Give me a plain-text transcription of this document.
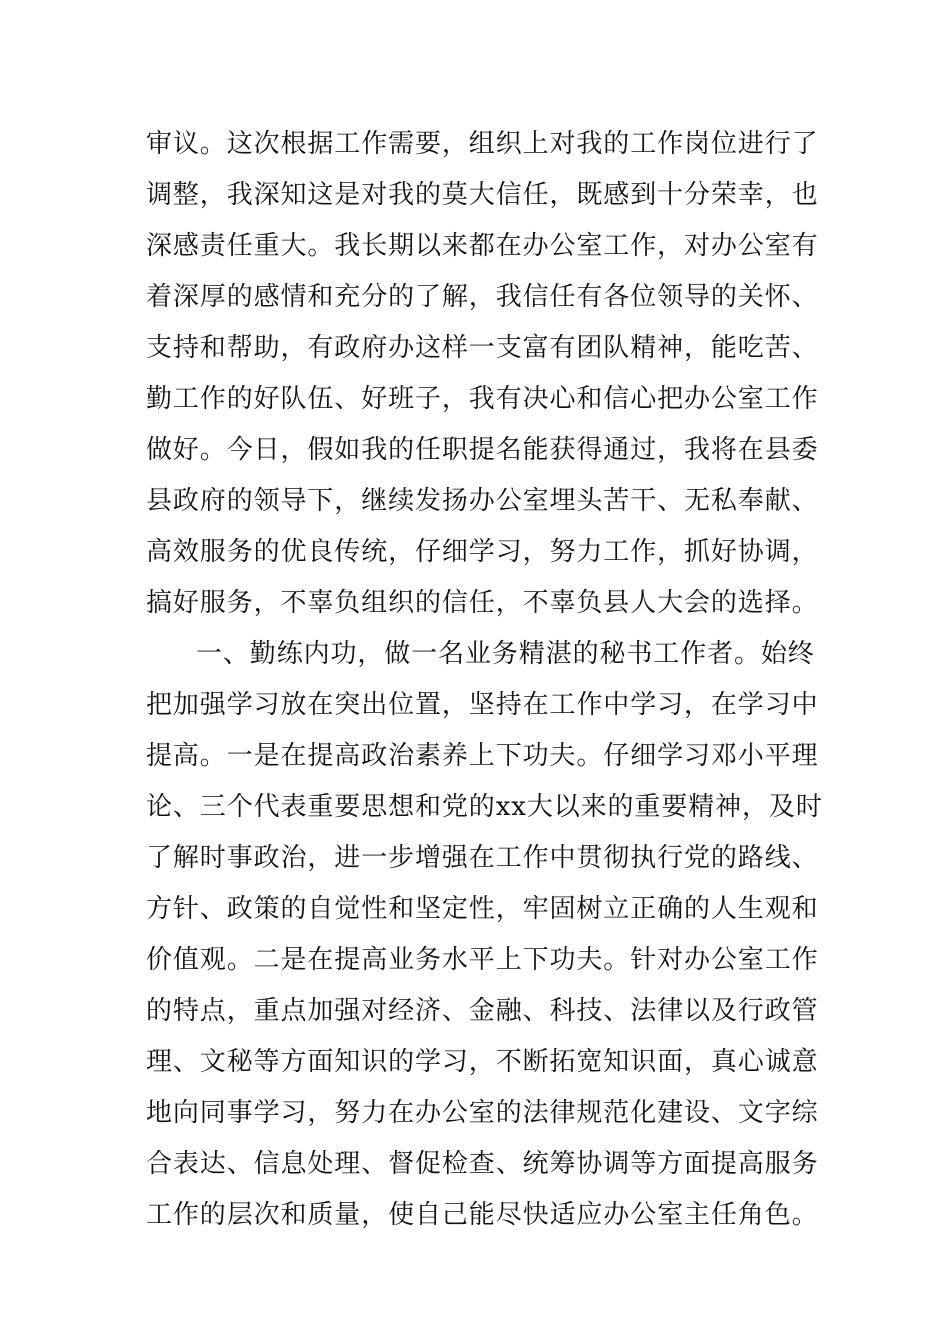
审议。这次根据工作需要，组织上对我的工作岗位进行了
调整，我深知这是对我的莫大信任，既感到十分荣幸，也
深感责任重大。我长期以来都在办公室工作，对办公室有
着深厚的感情和充分的了解，我信任有各位领导的关怀、
支持和帮助，有政府办这样一支富有团队精神，能吃苦、
勤工作的好队伍、好班子，我有决心和信心把办公室工作
做好。今日，假如我的任职提名能获得通过，我将在县委
县政府的领导下，继续发扬办公室埋头苦干、无私奉献、
高效服务的优良传统，仔细学习，努力工作，抓好协调，
搞好服务，不辜负组织的信任，不辜负县人大会的选择。
一、勤练内功，做一名业务精湛的秘书工作者。始终
把加强学习放在突出位置，坚持在工作中学习，在学习中
提高。一是在提高政治素养上下功夫。仔细学习邓小平理
论、三个代表重要思想和党的xx大以来的重要精神，及时
了解时事政治，进一步增强在工作中贯彻执行党的路线、
方针、政策的自觉性和坚定性，牢固树立正确的人生观和
价值观。二是在提高业务水平上下功夫。针对办公室工作
的特点，重点加强对经济、金融、科技、法律以及行政管
理、文秘等方面知识的学习，不断拓宽知识面，真心诚意
地向同事学习，努力在办公室的法律规范化建设、文字综
合表达、信息处理、督促检查、统筹协调等方面提高服务
工作的层次和质量，使自己能尽快适应办公室主任角色。
